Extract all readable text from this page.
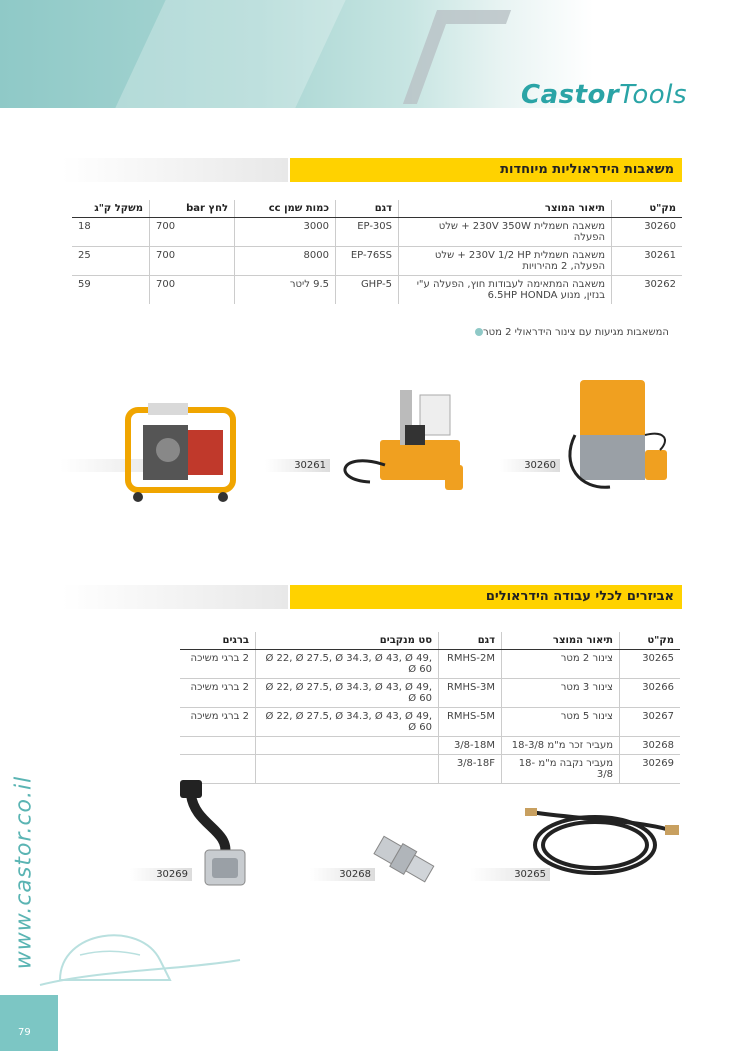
CastorTools
משאבות הידראוליות מיוחדות
מק"ט	תיאור המוצר	דגם	כמות שמן cc	לחץ bar	משקל ק"ג
30260	משאבה חשמלית 230V 350W + שלט הפעלה	EP-30S	3000	700	18
30261	משאבה חשמלית 230V 1/2 HP + שלט הפעלה, 2 מהירויות	EP-76SS	8000	700	25
30262	משאבה המתאימה לעבודות חוץ, הפעלה ע"י בנזין, מנוע 6.5HP HONDA	GHP-5	9.5 ליטר	700	59
המשאבות מגיעות עם צינור הידראולי 2 מטר
30261	30260
אביזרים לכלי עבודה הידראולים
מק"ט	תיאור המוצר	דגם	סט מנקבים	ברגים
30265	צינור 2 מטר	RMHS-2M	Ø 22, Ø 27.5, Ø 34.3, Ø 43, Ø 49, Ø 60	2 ברגי משיכה
30266	צינור 3 מטר	RMHS-3M	Ø 22, Ø 27.5, Ø 34.3, Ø 43, Ø 49, Ø 60	2 ברגי משיכה
30267	צינור 5 מטר	RMHS-5M	Ø 22, Ø 27.5, Ø 34.3, Ø 43, Ø 49, Ø 60	2 ברגי משיכה
30268	מעביר זכר מ"מ 18-3/8	3/8-18M		
30269	מעביר נקבה מ"מ 18-3/8	3/8-18F		
30269	30268	30265
www.castor.co.il
79
